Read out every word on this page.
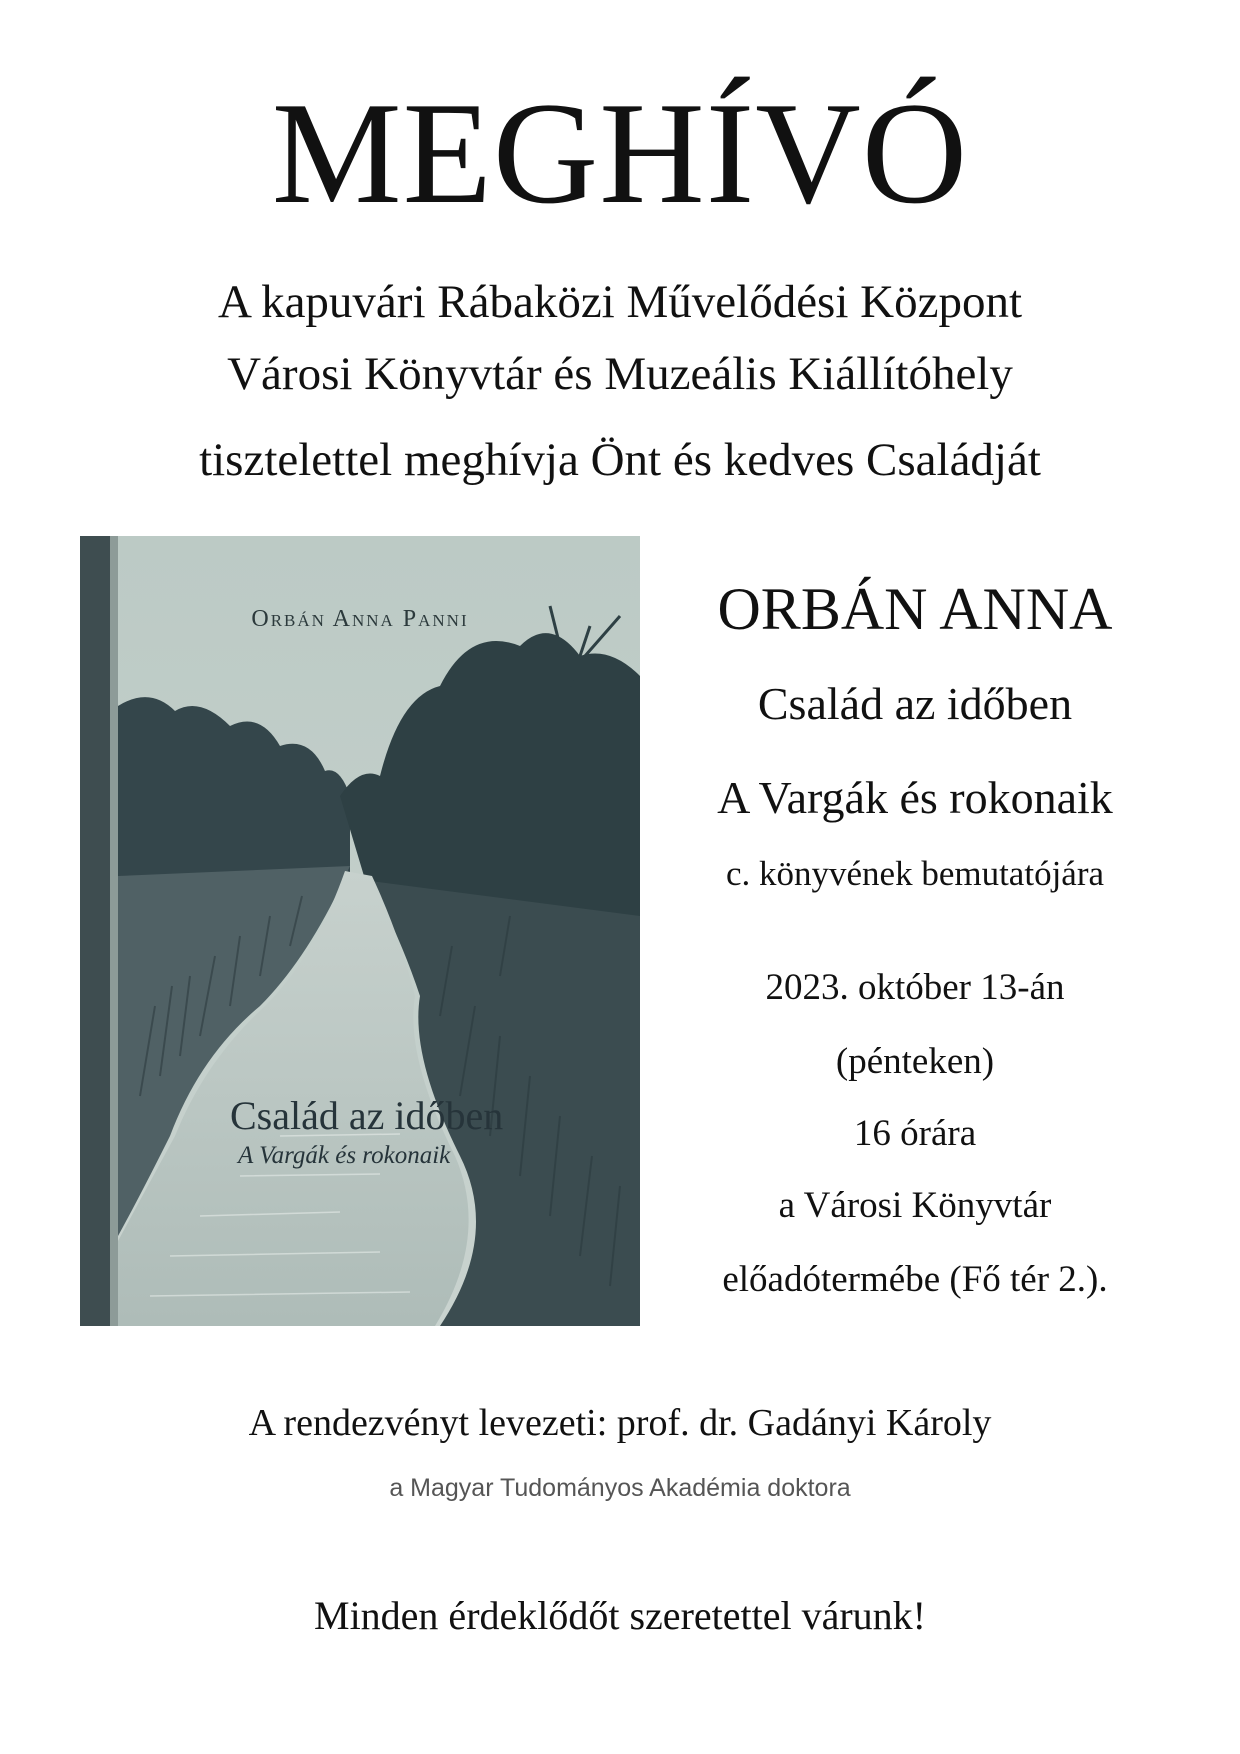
MEGHÍVÓ
A kapuvári Rábaközi Művelődési Központ
Városi Könyvtár és Muzeális Kiállítóhely
tisztelettel meghívja Önt és kedves Családját
Orbán Anna Panni
Család az időben
A Vargák és rokonaik
ORBÁN ANNA
Család az időben
A Vargák és rokonaik
c. könyvének bemutatójára
2023. október 13-án
(pénteken)
16 órára
a Városi Könyvtár
előadótermébe (Fő tér 2.).
A rendezvényt levezeti: prof. dr. Gadányi Károly
a Magyar Tudományos Akadémia doktora
Minden érdeklődőt szeretettel várunk!
